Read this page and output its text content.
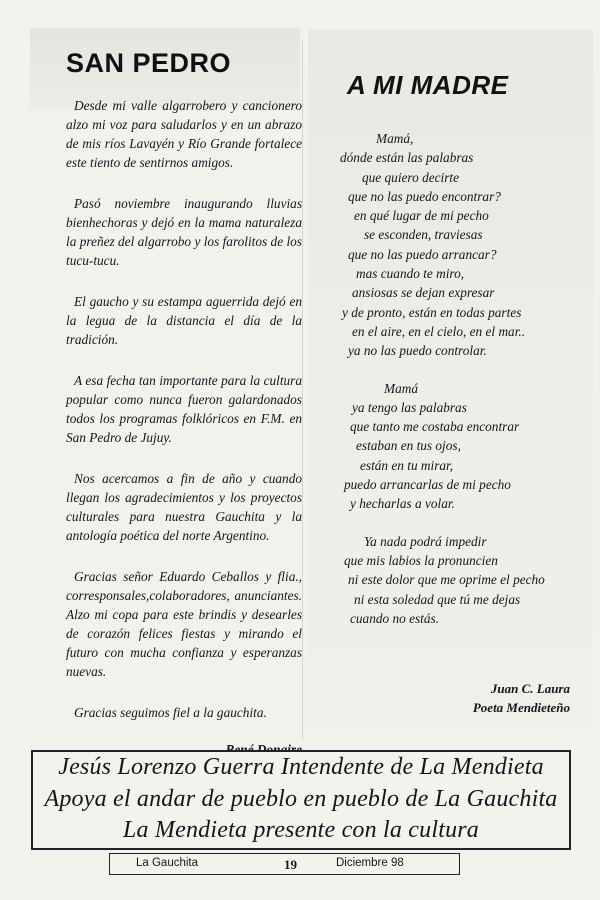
SAN PEDRO

Desde mi valle algarrobero y cancionero alzo mi voz para saludarlos y en un abrazo de mis ríos Lavayén y Río Grande fortalece este tiento de sentirnos amigos.

Pasó noviembre inaugurando lluvias bienhechoras y dejó en la mama naturaleza la preñez del algarrobo y los farolitos de los tucu-tucu.

El gaucho y su estampa aguerrida dejó en la legua de la distancia el día de la tradición.

A esa fecha tan importante para la cultura popular como nunca fueron galardonados todos los programas folklóricos en F.M. en San Pedro de Jujuy.

Nos acercamos a fin de año y cuando llegan los agradecimientos y los proyectos culturales para nuestra Gauchita y la antología poética del norte Argentino.

Gracias señor Eduardo Ceballos y flia., corresponsales,colaboradores, anunciantes. Alzo mi copa para este brindis y desearles de corazón felices fiestas y mirando el futuro con mucha confianza y esperanzas nuevas.

Gracias seguimos fiel a la gauchita.

A MI MADRE
Mamá,
dónde están las palabras
que quiero decirte
que no las puedo encontrar?
en qué lugar de mi pecho
se esconden, traviesas
que no las puedo arrancar?
mas cuando te miro,
ansiosas se dejan expresar
y de pronto, están en todas partes
en el aire, en el cielo, en el mar..
ya no las puedo controlar.
Mamá
ya tengo las palabras
que tanto me costaba encontrar
estaban en tus ojos,
están en tu mirar,
puedo arrancarlas de mi pecho
y hecharlas a volar.
Ya nada podrá impedir
que mis labios la pronuncien
ni este dolor que me oprime el pecho
ni esta soledad que tú me dejas
cuando no estás.
Juan C. Laura
Poeta Mendieteño
Jesús Lorenzo Guerra Intendente de La Mendieta
Apoya el andar de pueblo en pueblo de La Gauchita
La Mendieta presente con la cultura
La Gauchita	19	Diciembre 98
